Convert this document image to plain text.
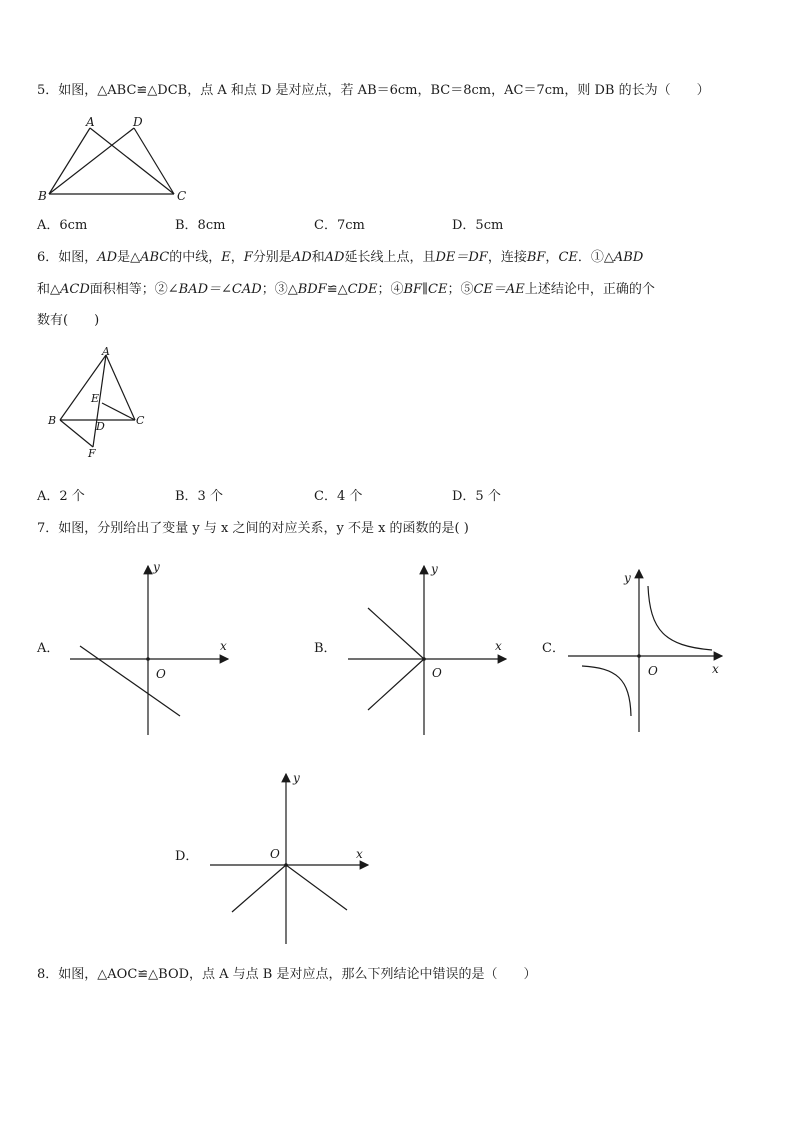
5．如图，△ABC≌△DCB，点 A 和点 D 是对应点，若 AB＝6cm，BC＝8cm，AC＝7cm，则 DB 的长为（　　）
A	D
B	C
A．6cm	B．8cm	C．7cm	D．5cm
6．如图，AD是△ABC的中线，E，F分别是AD和AD延长线上点，且DE＝DF，连接BF，CE．①△ABD
和△ACD面积相等；②∠BAD＝∠CAD；③△BDF≌△CDE；④BF∥CE；⑤CE＝AE上述结论中，正确的个
数有(　　)
A
E
B	D	C
F
A．2 个	B．3 个	C．4 个	D．5 个
7．如图，分别给出了变量 y 与 x 之间的对应关系，y 不是 x 的函数的是( )
A．
y
x
O
B．
y
x
O
C．
y
x
O
D．
y
x
O
8．如图，△AOC≌△BOD，点 A 与点 B 是对应点，那么下列结论中错误的是（　　）
